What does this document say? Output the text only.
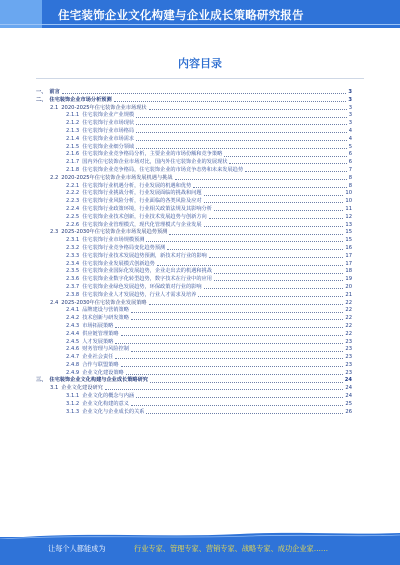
住宅装饰企业文化构建与企业成长策略研究报告
内容目录
一、 前言	3
二、 住宅装饰企业市场分析预测	3
2.1 2020-2025年住宅装饰企业市场现状	3
2.1.1 住宅装饰企业产业规模	3
2.1.2 住宅装饰行业市场现状	3
2.1.3 住宅装饰行业市场格局	4
2.1.4 住宅装饰企业市场需求	4
2.1.5 住宅装饰企业细分领域	5
2.1.6 住宅装饰企业竞争格局分析，主要企业的市场份额和竞争策略	6
2.1.7 国内外住宅装饰企业市场对比，国内外住宅装饰企业的发展现状	6
2.1.8 住宅装饰企业竞争格局，住宅装饰企业的市场竞争态势和未来发展趋势	7
2.2 2020-2025年住宅装饰企业市场发展机遇与挑战	8
2.2.1 住宅装饰行业机遇分析，行业发展的机遇和优势	8
2.2.2 住宅装饰行业挑战分析，行业发展面临的挑战和问题	10
2.2.3 住宅装饰行业风险分析，行业面临的各类风险及应对	10
2.2.4 住宅装饰行业政策环境，行业相关政策法规及其影响分析	11
2.2.5 住宅装饰企业技术创新，行业技术发展趋势与创新方向	12
2.2.6 住宅装饰企业管理模式，现代化管理模式与企业发展	13
2.3 2025-2030年住宅装饰企业市场发展趋势预测	15
2.3.1 住宅装饰行业市场规模预测	15
2.3.2 住宅装饰行业竞争格局变化趋势预测	16
2.3.3 住宅装饰行业技术发展趋势预测，新技术对行业的影响	17
2.3.4 住宅装饰企业发展模式创新趋势	17
2.3.5 住宅装饰企业国际化发展趋势，企业走出去的机遇和挑战	18
2.3.6 住宅装饰企业数字化转型趋势，数字技术在行业中的应用	19
2.3.7 住宅装饰企业绿色发展趋势，环保政策对行业的影响	20
2.3.8 住宅装饰企业人才发展趋势，行业人才需求及培养	21
2.4 2025-2030年住宅装饰企业发展策略	22
2.4.1 品牌建设与营销策略	22
2.4.2 技术创新与研发策略	22
2.4.3 市场拓展策略	22
2.4.4 供应链管理策略	22
2.4.5 人才发展策略	23
2.4.6 财务管理与风险控制	23
2.4.7 企业社会责任	23
2.4.8 合作与联盟策略	23
2.4.9 企业文化建设策略	23
三、 住宅装饰企业文化构建与企业成长策略研究	24
3.1 企业文化建设研究	24
3.1.1 企业文化的概念与内涵	24
3.1.2 企业文化构建的意义	25
3.1.3 企业文化与企业成长的关系	26
让每个人都能成为	行业专家、管理专家、营销专家、战略专家、成功企业家……
